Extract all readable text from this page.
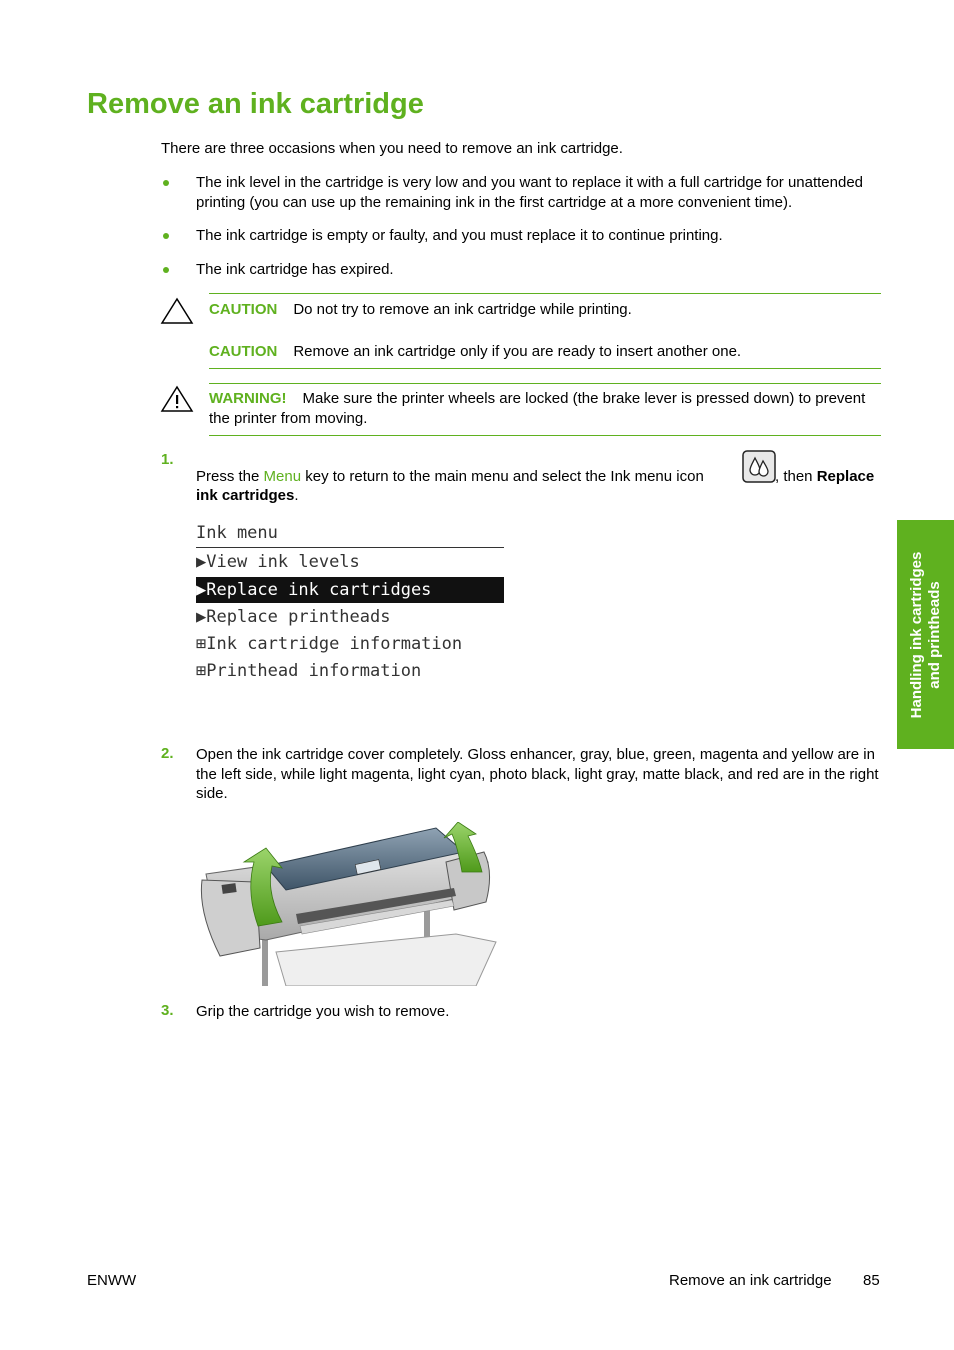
Remove an ink cartridge
There are three occasions when you need to remove an ink cartridge.
The ink level in the cartridge is very low and you want to replace it with a full cartridge for unattended printing (you can use up the remaining ink in the first cartridge at a more convenient time).
The ink cartridge is empty or faulty, and you must replace it to continue printing.
The ink cartridge has expired.
CAUTION Do not try to remove an ink cartridge while printing.
CAUTION Remove an ink cartridge only if you are ready to insert another one.
WARNING! Make sure the printer wheels are locked (the brake lever is pressed down) to prevent the printer from moving.
1.
Press the Menu key to return to the main menu and select the Ink menu icon	, then Replace
ink cartridges.
Ink menu
▶View ink levels
▶Replace ink cartridges
▶Replace printheads
⊞Ink cartridge information
⊞Printhead information
2. Open the ink cartridge cover completely. Gloss enhancer, gray, blue, green, magenta and yellow are in the left side, while light magenta, light cyan, photo black, light gray, matte black, and red are in the right side.
3. Grip the cartridge you wish to remove.
Handling ink cartridges and printheads
ENWW	Remove an ink cartridge 85
